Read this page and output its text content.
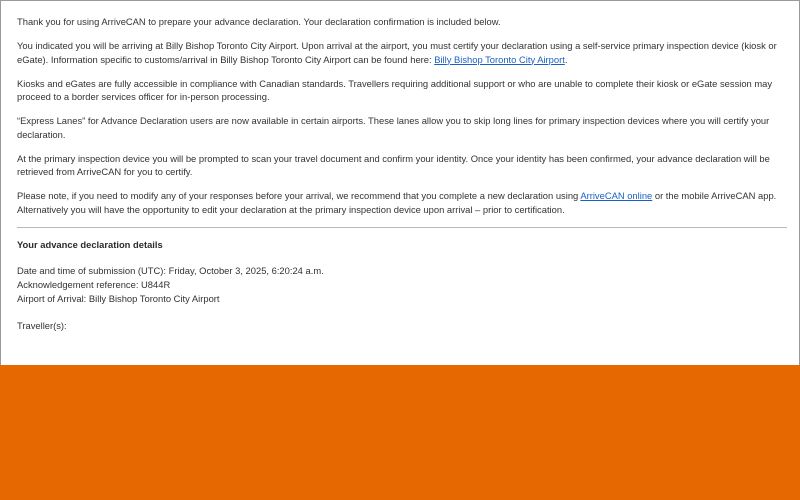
Thank you for using ArriveCAN to prepare your advance declaration. Your declaration confirmation is included below.

You indicated you will be arriving at Billy Bishop Toronto City Airport. Upon arrival at the airport, you must certify your declaration using a self-service primary inspection device (kiosk or eGate). Information specific to customs/arrival in Billy Bishop Toronto City Airport can be found here: Billy Bishop Toronto City Airport.

Kiosks and eGates are fully accessible in compliance with Canadian standards. Travellers requiring additional support or who are unable to complete their kiosk or eGate session may proceed to a border services officer for in-person processing.

“Express Lanes” for Advance Declaration users are now available in certain airports. These lanes allow you to skip long lines for primary inspection devices where you will certify your declaration.

At the primary inspection device you will be prompted to scan your travel document and confirm your identity. Once your identity has been confirmed, your advance declaration will be retrieved from ArriveCAN for you to certify.

Please note, if you need to modify any of your responses before your arrival, we recommend that you complete a new declaration using ArriveCAN online or the mobile ArriveCAN app. Alternatively you will have the opportunity to edit your declaration at the primary inspection device upon arrival – prior to certification.

Your advance declaration details
Date and time of submission (UTC): Friday, October 3, 2025, 6:20:24 a.m.
Acknowledgement reference: U844R
Airport of Arrival: Billy Bishop Toronto City Airport
Traveller(s):
